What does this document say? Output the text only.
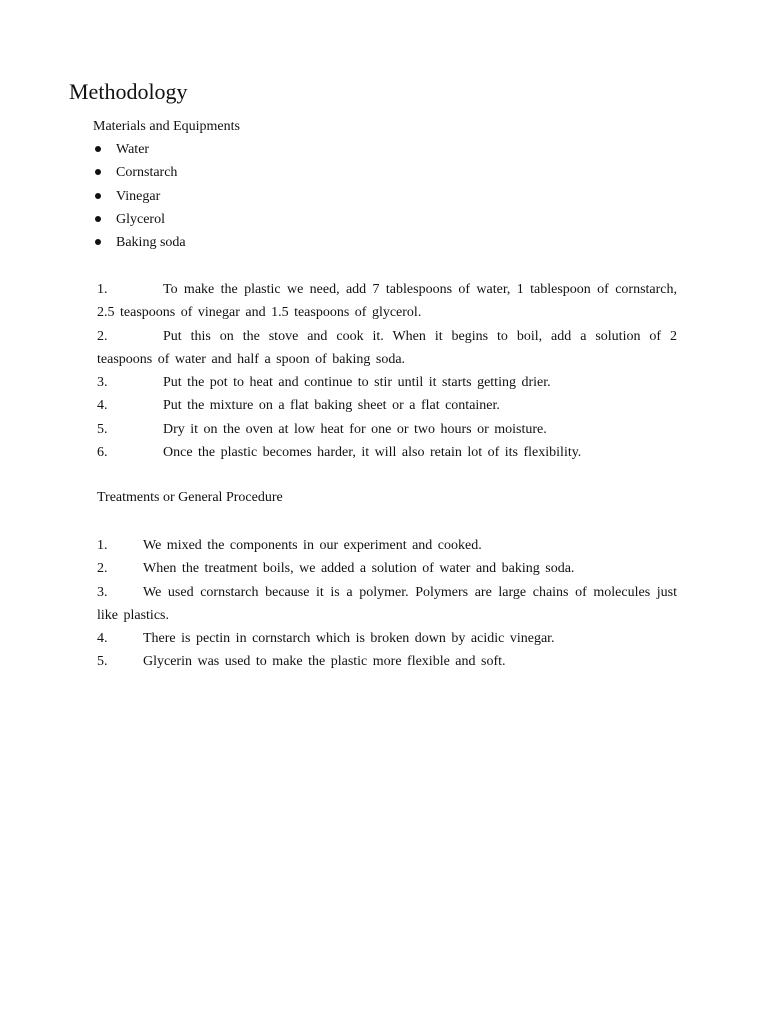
Methodology
Materials and Equipments
Water
Cornstarch
Vinegar
Glycerol
Baking soda
1.	To make the plastic we need, add 7 tablespoons of water, 1 tablespoon of cornstarch, 2.5 teaspoons of vinegar and 1.5 teaspoons of glycerol.
2.	Put this on the stove and cook it. When it begins to boil, add a solution of 2 teaspoons of water and half a spoon of baking soda.
3.	Put the pot to heat and continue to stir until it starts getting drier.
4.	Put the mixture on a flat baking sheet or a flat container.
5.	Dry it on the oven at low heat for one or two hours or moisture.
6.	Once the plastic becomes harder, it will also retain lot of its flexibility.
Treatments or General Procedure
1.	We mixed the components in our experiment and cooked.
2.	When the treatment boils, we added a solution of water and baking soda.
3.	We used cornstarch because it is a polymer. Polymers are large chains of molecules just like plastics.
4.	There is pectin in cornstarch which is broken down by acidic vinegar.
5.	Glycerin was used to make the plastic more flexible and soft.
